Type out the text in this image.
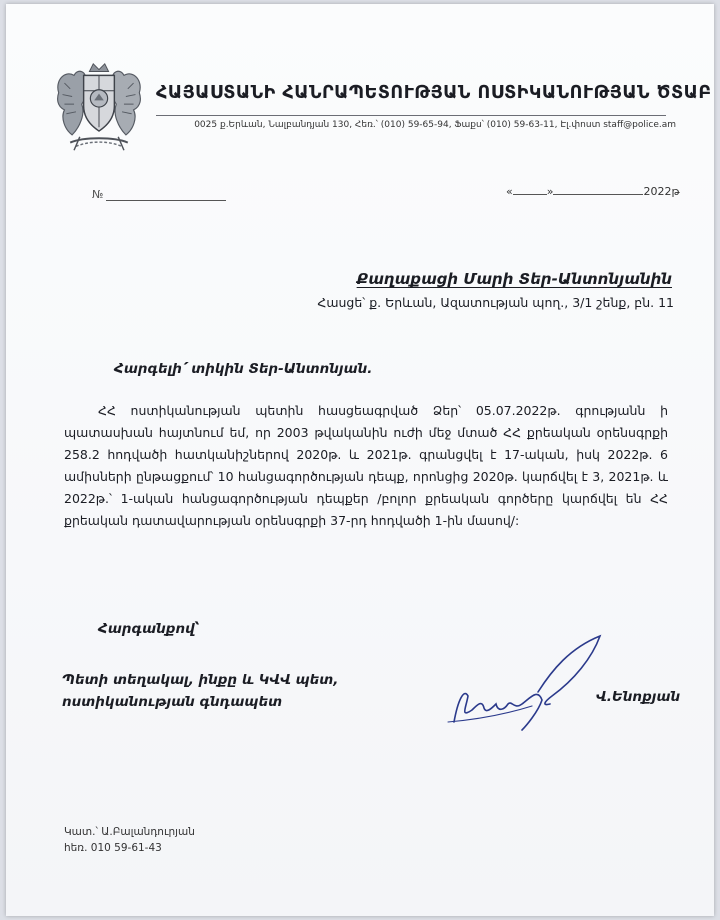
ՀԱՅԱՍՏԱՆԻ ՀԱՆՐԱՊԵՏՈՒԹՅԱՆ ՈՍՏԻԿԱՆՈՒԹՅԱՆ ԾՏԱԲ
0025 ք.Երևան, Նալբանդյան 130, Հեռ.՝ (010) 59-65-94, Ֆաքս՝ (010) 59-63-11, Էլ.փոստ staff@police.am
№	«	»	2022թ
Քաղաքացի Մարի Տեր-Անտոնյանին
Հասցե՝ ք. Երևան, Ազատության պող., 3/1 շենք, բն. 11
Հարգելի՛ տիկին Տեր-Անտոնյան.
ՀՀ ոստիկանության պետին հասցեագրված Ձեր՝ 05.07.2022թ. գրությանն ի պատասխան հայտնում եմ, որ 2003 թվականին ուժի մեջ մտած ՀՀ քրեական օրենսգրքի 258.2 հոդվածի հատկանիշներով 2020թ. և 2021թ. գրանցվել է 17-ական, իսկ 2022թ. 6 ամիսների ընթացքում՝ 10 հանցագործության դեպք, որոնցից 2020թ. կարճվել է 3, 2021թ. և 2022թ.՝ 1-ական հանցագործության դեպքեր /բոլոր քրեական գործերը կարճվել են ՀՀ քրեական դատավարության օրենսգրքի 37-րդ հոդվածի 1-ին մասով/:
Հարգանքով՝
Պետի տեղակալ, ինքը և ԿՎՎ պետ,
ոստիկանության գնդապետ	Վ.Ենոքյան
Կատ.՝ Ա.Բալանդուրյան
հեռ. 010 59-61-43
